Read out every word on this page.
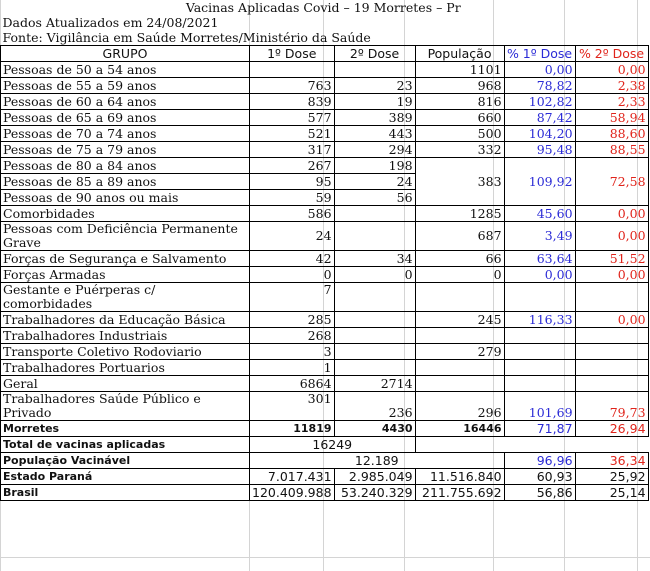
Vacinas Aplicadas Covid – 19 Morretes – Pr					
Dados Atualizados em 24/08/2021					
Fonte: Vigilância em Saúde Morretes/Ministério da Saúde					
GRUPO	1º Dose	2º Dose	População	% 1º Dose	% 2º Dose
Pessoas de 50 a 54 anos			1101	0,00	0,00
Pessoas de 55 a 59 anos	763	23	968	78,82	2,38
Pessoas de 60 a 64 anos	839	19	816	102,82	2,33
Pessoas de 65 a 69 anos	577	389	660	87,42	58,94
Pessoas de 70 a 74 anos	521	443	500	104,20	88,60
Pessoas de 75 a 79 anos	317	294	332	95,48	88,55
Pessoas de 80 a 84 anos	267	198	383	109,92	72,58
Pessoas de 85 a 89 anos	95	24			
Pessoas de 90 anos ou mais	59	56			
Comorbidades	586		1285	45,60	0,00
Pessoas com Deficiência Permanente Grave	24		687	3,49	0,00
Forças de Segurança e Salvamento	42	34	66	63,64	51,52
Forças Armadas	0	0	0	0,00	0,00
Gestante e Puérperas c/ comorbidades	7				
Trabalhadores da Educação Básica	285		245	116,33	0,00
Trabalhadores Industriais	268				
Transporte Coletivo Rodoviario	3		279		
Trabalhadores Portuarios	1				
Geral	6864	2714			
Trabalhadores Saúde Público e Privado	301	236	296	101,69	79,73
Morretes	11819	4430	16446	71,87	26,94
Total de vacinas aplicadas	16249				
População Vacinável	12.189			96,96	36,34
Estado Paraná	7.017.431	2.985.049	11.516.840	60,93	25,92
Brasil	120.409.988	53.240.329	211.755.692	56,86	25,14
